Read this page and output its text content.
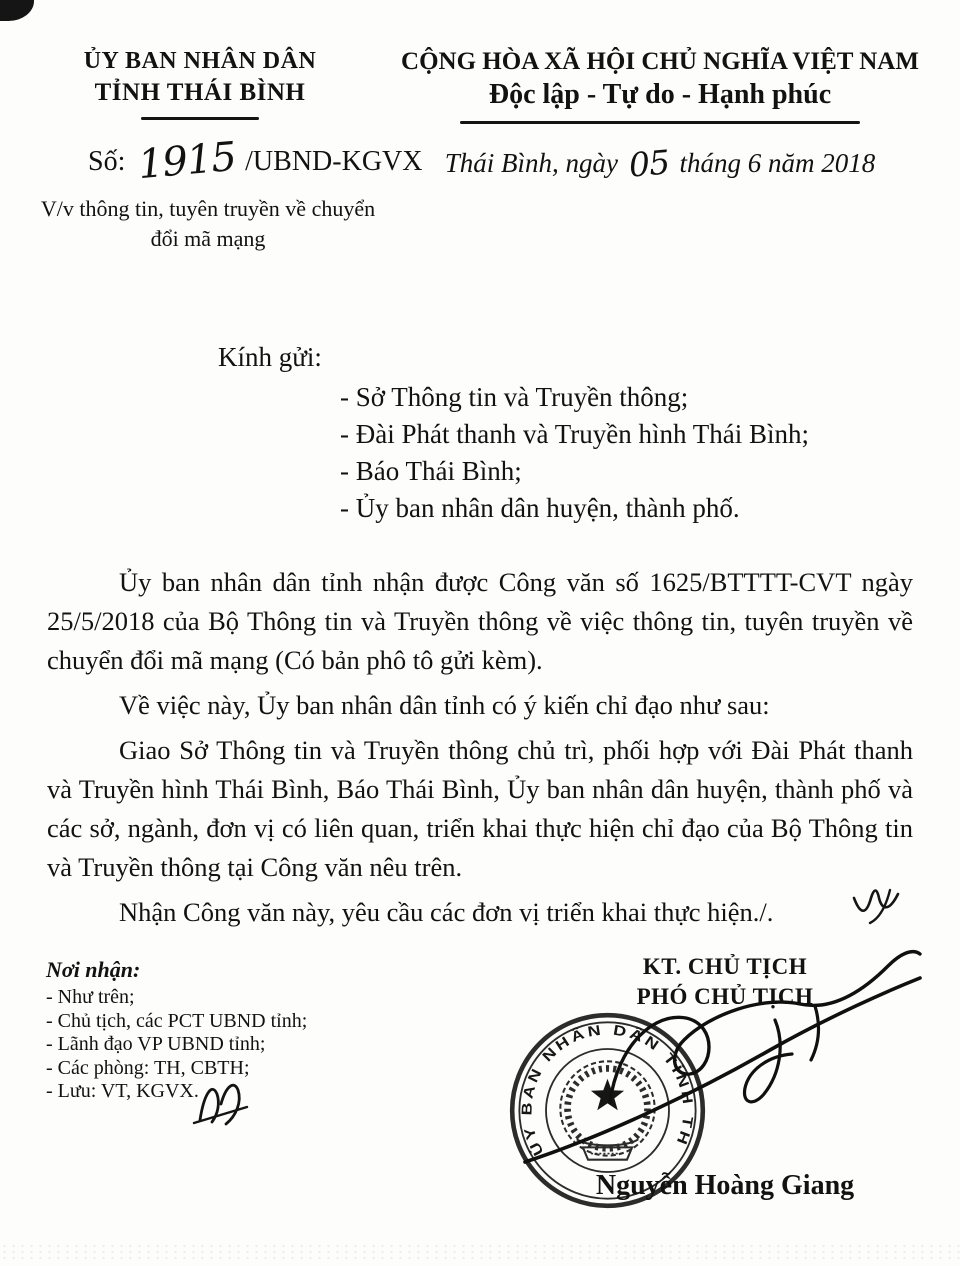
ỦY BAN NHÂN DÂN
TỈNH THÁI BÌNH
CỘNG HÒA XÃ HỘI CHỦ NGHĨA VIỆT NAM
Độc lập - Tự do - Hạnh phúc
Số: 1915 /UBND-KGVX
V/v thông tin, tuyên truyền về chuyển
đổi mã mạng
Thái Bình, ngày 05 tháng 6 năm 2018
Kính gửi:
- Sở Thông tin và Truyền thông;
- Đài Phát thanh và Truyền hình Thái Bình;
- Báo Thái Bình;
- Ủy ban nhân dân huyện, thành phố.

Ủy ban nhân dân tỉnh nhận được Công văn số 1625/BTTTT-CVT ngày 25/5/2018 của Bộ Thông tin và Truyền thông về việc thông tin, tuyên truyền về chuyển đổi mã mạng (Có bản phô tô gửi kèm).

Về việc này, Ủy ban nhân dân tỉnh có ý kiến chỉ đạo như sau:

Giao Sở Thông tin và Truyền thông chủ trì, phối hợp với Đài Phát thanh và Truyền hình Thái Bình, Báo Thái Bình, Ủy ban nhân dân huyện, thành phố và các sở, ngành, đơn vị có liên quan, triển khai thực hiện chỉ đạo của Bộ Thông tin và Truyền thông tại Công văn nêu trên.

Nhận Công văn này, yêu cầu các đơn vị triển khai thực hiện./.

Nơi nhận:
- Như trên;
- Chủ tịch, các PCT UBND tỉnh;
- Lãnh đạo VP UBND tỉnh;
- Các phòng: TH, CBTH;
- Lưu: VT, KGVX.
KT. CHỦ TỊCH
PHÓ CHỦ TỊCH
ỦY BAN NHÂN DÂN TỈNH TH
Nguyễn Hoàng Giang
